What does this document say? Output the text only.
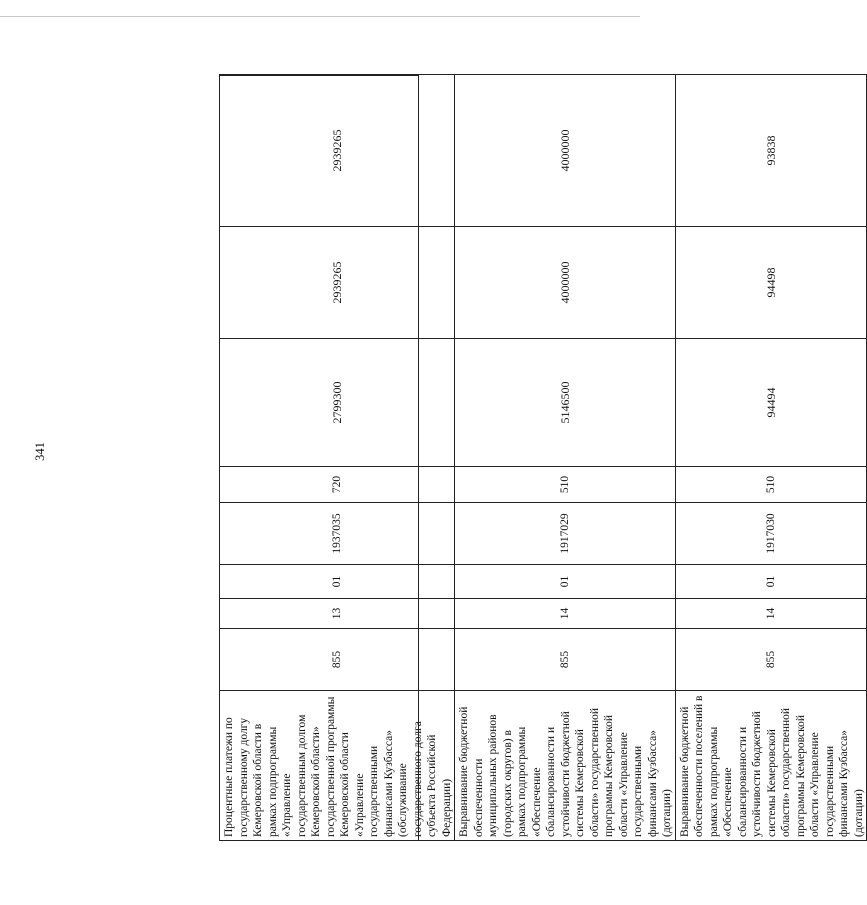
341
Процентные платежи по государственному долгу Кемеровской области в рамках подпрограммы «Управление государственным долгом Кемеровской области» государственной программы Кемеровской области «Управление государственными финансами Кузбасса» (обслуживание государственного долга субъекта Российской Федерации)	855	13	01	1937035	720	2799300	2939265	2939265
Выравнивание бюджетной обеспеченности муниципальных районов (городских округов) в рамках подпрограммы «Обеспечение сбалансированности и устойчивости бюджетной системы Кемеровской области» государственной программы Кемеровской области «Управление государственными финансами Кузбасса» (дотации)	855	14	01	1917029	510	5146500	4000000	4000000
Выравнивание бюджетной обеспеченности поселений в рамках подпрограммы «Обеспечение сбалансированности и устойчивости бюджетной системы Кемеровской области» государственной программы Кемеровской области «Управление государственными финансами Кузбасса» (дотации)	855	14	01	1917030	510	94494	94498	93838
